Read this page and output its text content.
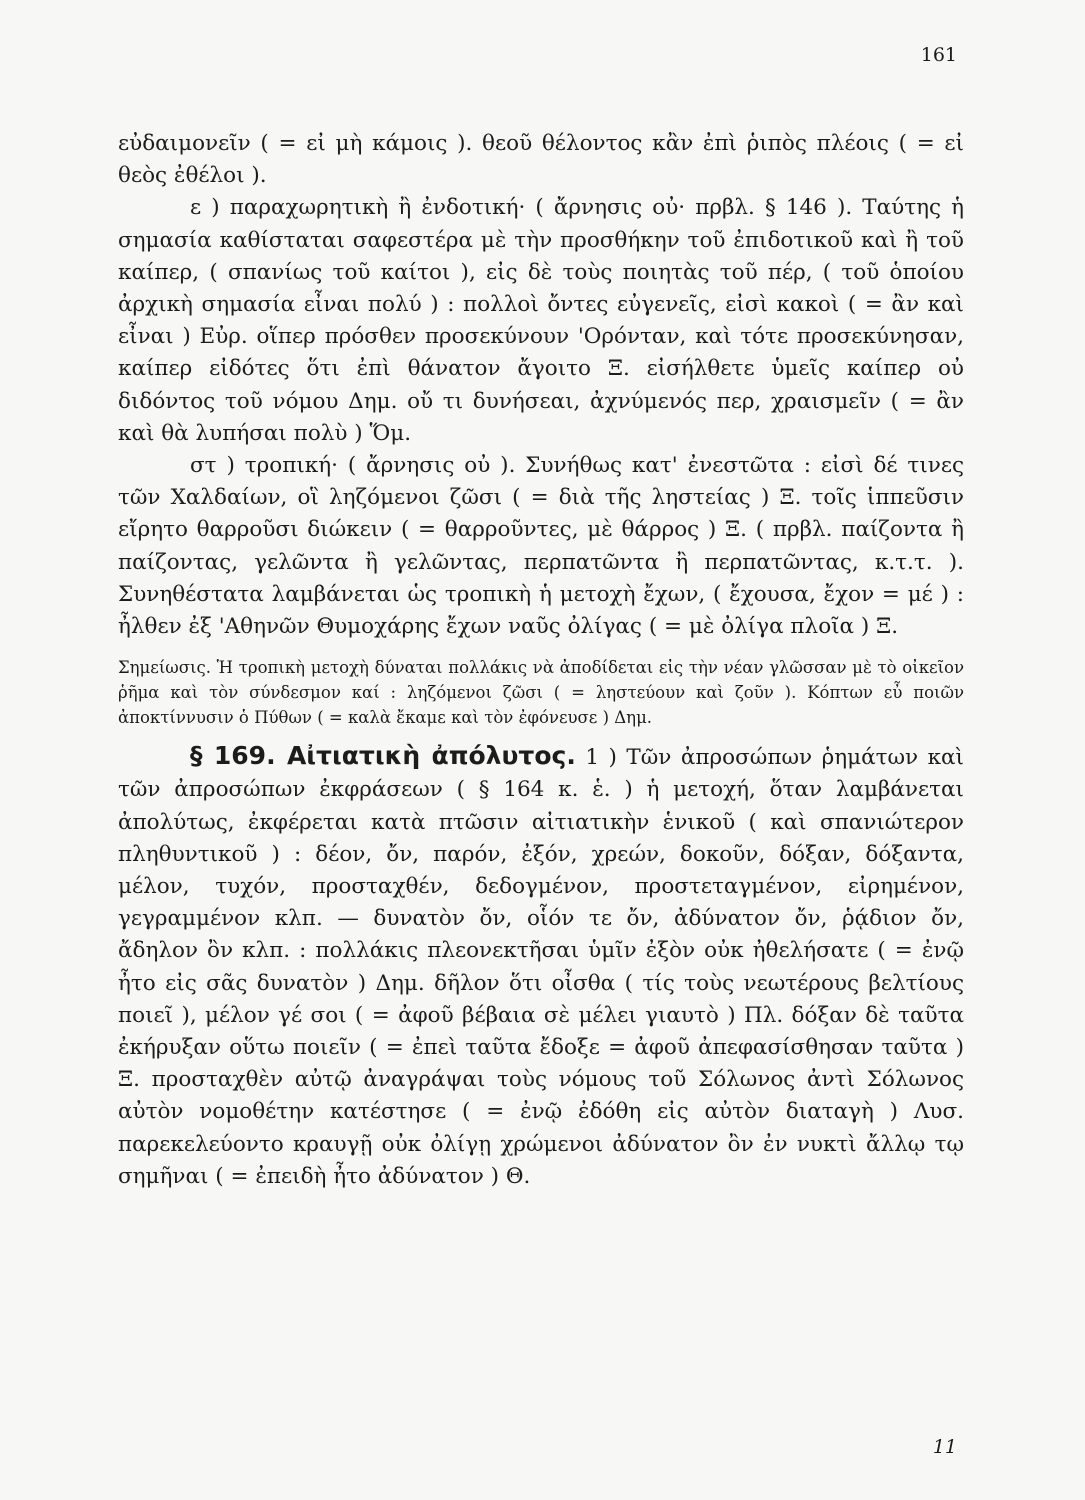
161

εὐδαιμονεῖν ( = εἰ μὴ κάμοις ). θεοῦ θέλοντος κἂν ἐπὶ ῥιπὸς πλέοις ( = εἰ θεὸς ἐθέλοι ).

ε ) παραχωρητικὴ ἢ ἐνδοτική· ( ἄρνησις οὐ· πρβλ. § 146 ). Ταύτης ἡ σημασία καθίσταται σαφεστέρα μὲ τὴν προσθήκην τοῦ ἐπιδοτικοῦ καὶ ἢ τοῦ καίπερ, ( σπανίως τοῦ καίτοι ), εἰς δὲ τοὺς ποιητὰς τοῦ πέρ, ( τοῦ ὁποίου ἀρχικὴ σημασία εἶναι πολύ ) : πολλοὶ ὄντες εὐγενεῖς, εἰσὶ κακοὶ ( = ἂν καὶ εἶναι ) Εὐρ. οἵπερ πρόσθεν προσεκύνουν 'Ορόνταν, καὶ τότε προσεκύνησαν, καίπερ εἰδότες ὅτι ἐπὶ θάνατον ἄγοιτο Ξ. εἰσήλθετε ὑμεῖς καίπερ οὐ διδόντος τοῦ νόμου Δημ. οὔ τι δυνήσεαι, ἀχνύμενός περ, χραισμεῖν ( = ἂν καὶ θὰ λυπήσαι πολὺ ) Ὅμ.

στ ) τροπική· ( ἄρνησις οὐ ). Συνήθως κατ' ἐνεστῶτα : εἰσὶ δέ τινες τῶν Χαλδαίων, οἳ ληζόμενοι ζῶσι ( = διὰ τῆς ληστείας ) Ξ. τοῖς ἱππεῦσιν εἴρητο θαρροῦσι διώκειν ( = θαρροῦντες, μὲ θάρρος ) Ξ. ( πρβλ. παίζοντα ἢ παίζοντας, γελῶντα ἢ γελῶντας, περπατῶντα ἢ περπατῶντας, κ.τ.τ. ). Συνηθέστατα λαμβάνεται ὡς τροπικὴ ἡ μετοχὴ ἔχων, ( ἔχουσα, ἔχον = μέ ) : ἦλθεν ἐξ 'Αθηνῶν Θυμοχάρης ἔχων ναῦς ὀλίγας ( = μὲ ὀλίγα πλοῖα ) Ξ.

Σημείωσις. Ἡ τροπικὴ μετοχὴ δύναται πολλάκις νὰ ἀποδίδεται εἰς τὴν νέαν γλῶσσαν μὲ τὸ οἰκεῖον ῥῆμα καὶ τὸν σύνδεσμον καί : ληζόμενοι ζῶσι ( = ληστεύουν καὶ ζοῦν ). Κόπτων εὖ ποιῶν ἀποκτίννυσιν ὁ Πύθων ( = καλὰ ἔκαμε καὶ τὸν ἐφόνευσε ) Δημ.

§ 169. Αἰτιατικὴ ἀπόλυτος. 1 ) Τῶν ἀπροσώπων ῥημάτων καὶ τῶν ἀπροσώπων ἐκφράσεων ( § 164 κ. ἑ. ) ἡ μετοχή, ὅταν λαμβάνεται ἀπολύτως, ἐκφέρεται κατὰ πτῶσιν αἰτιατικὴν ἑνικοῦ ( καὶ σπανιώτερον πληθυντικοῦ ) : δέον, ὄν, παρόν, ἐξόν, χρεών, δοκοῦν, δόξαν, δόξαντα, μέλον, τυχόν, προσταχθέν, δεδογμένον, προστεταγμένον, εἰρημένον, γεγραμμένον κλπ. — δυνατὸν ὄν, οἷόν τε ὄν, ἀδύνατον ὄν, ῥᾴδιον ὄν, ἄδηλον ὂν κλπ. : πολλάκις πλεονεκτῆσαι ὑμῖν ἐξὸν οὐκ ἠθελήσατε ( = ἐνῷ ἦτο εἰς σᾶς δυνατὸν ) Δημ. δῆλον ὅτι οἶσθα ( τίς τοὺς νεωτέρους βελτίους ποιεῖ ), μέλον γέ σοι ( = ἀφοῦ βέβαια σὲ μέλει γιαυτὸ ) Πλ. δόξαν δὲ ταῦτα ἐκήρυξαν οὕτω ποιεῖν ( = ἐπεὶ ταῦτα ἔδοξε = ἀφοῦ ἀπεφασίσθησαν ταῦτα ) Ξ. προσταχθὲν αὐτῷ ἀναγράψαι τοὺς νόμους τοῦ Σόλωνος ἀντὶ Σόλωνος αὐτὸν νομοθέτην κατέστησε ( = ἐνῷ ἐδόθη εἰς αὐτὸν διαταγὴ ) Λυσ. παρεκελεύοντο κραυγῇ οὐκ ὀλίγῃ χρώμενοι ἀδύνατον ὂν ἐν νυκτὶ ἄλλῳ τῳ σημῆναι ( = ἐπειδὴ ἦτο ἀδύνατον ) Θ.

11
